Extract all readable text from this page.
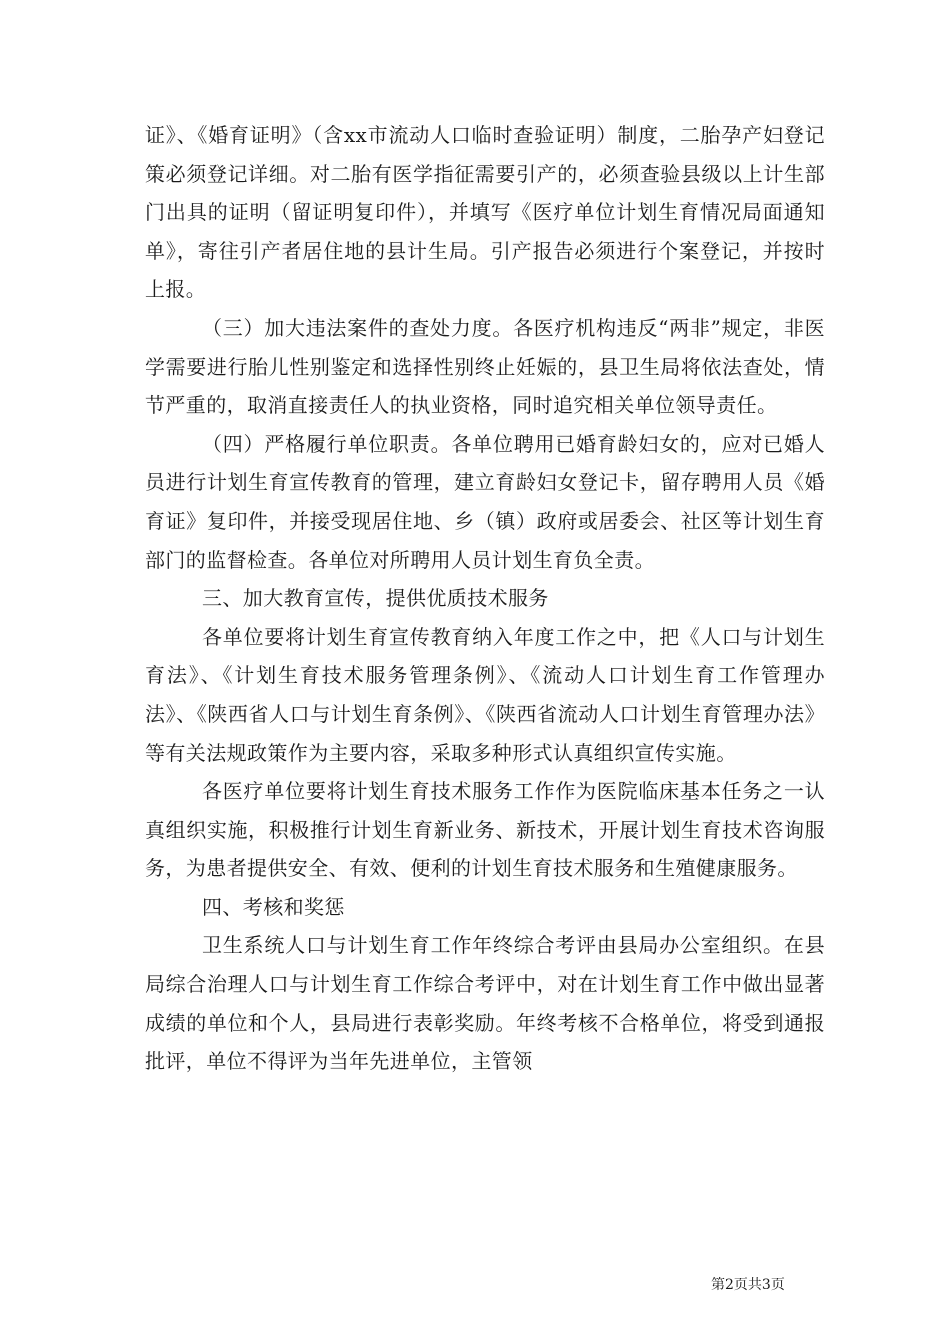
证》、《婚育证明》（含xx市流动人口临时查验证明）制度，二胎孕产妇登记策必须登记详细。对二胎有医学指征需要引产的，必须查验县级以上计生部门出具的证明（留证明复印件），并填写《医疗单位计划生育情况局面通知单》，寄往引产者居住地的县计生局。引产报告必须进行个案登记，并按时上报。

（三）加大违法案件的查处力度。各医疗机构违反“两非”规定，非医学需要进行胎儿性别鉴定和选择性别终止妊娠的，县卫生局将依法查处，情节严重的，取消直接责任人的执业资格，同时追究相关单位领导责任。

（四）严格履行单位职责。各单位聘用已婚育龄妇女的，应对已婚人员进行计划生育宣传教育的管理，建立育龄妇女登记卡，留存聘用人员《婚育证》复印件，并接受现居住地、乡（镇）政府或居委会、社区等计划生育部门的监督检查。各单位对所聘用人员计划生育负全责。

三、加大教育宣传，提供优质技术服务

各单位要将计划生育宣传教育纳入年度工作之中，把《人口与计划生育法》、《计划生育技术服务管理条例》、《流动人口计划生育工作管理办法》、《陕西省人口与计划生育条例》、《陕西省流动人口计划生育管理办法》等有关法规政策作为主要内容，采取多种形式认真组织宣传实施。

各医疗单位要将计划生育技术服务工作作为医院临床基本任务之一认真组织实施，积极推行计划生育新业务、新技术，开展计划生育技术咨询服务，为患者提供安全、有效、便利的计划生育技术服务和生殖健康服务。

四、考核和奖惩

卫生系统人口与计划生育工作年终综合考评由县局办公室组织。在县局综合治理人口与计划生育工作综合考评中，对在计划生育工作中做出显著成绩的单位和个人，县局进行表彰奖励。年终考核不合格单位，将受到通报批评，单位不得评为当年先进单位，主管领

第2页共3页
